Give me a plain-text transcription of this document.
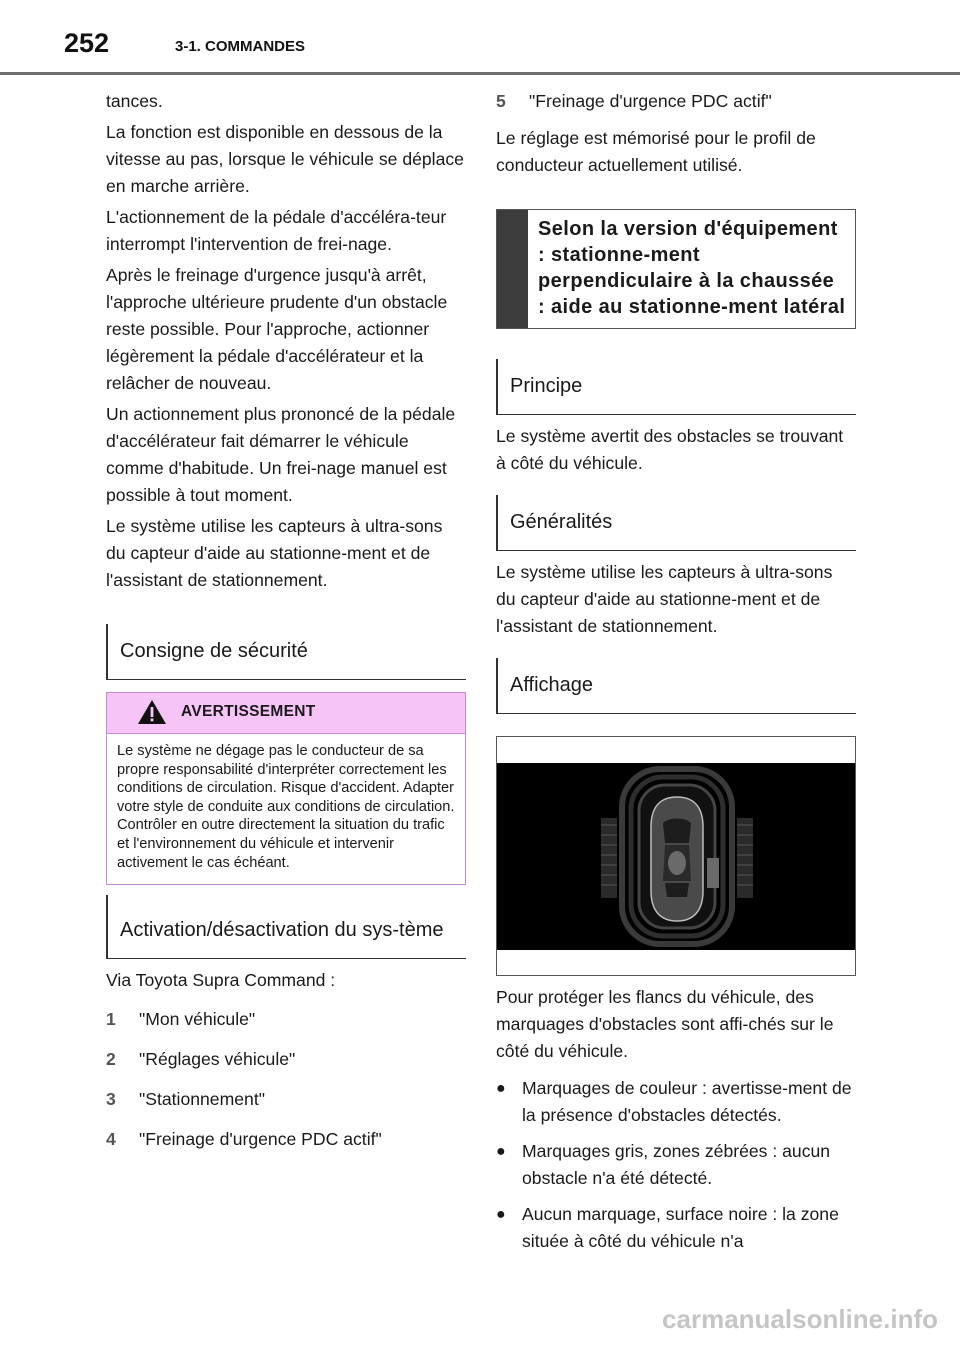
252	3-1. COMMANDES

tances.

La fonction est disponible en dessous de la vitesse au pas, lorsque le véhicule se déplace en marche arrière.

L'actionnement de la pédale d'accéléra-teur interrompt l'intervention de frei-nage.

Après le freinage d'urgence jusqu'à arrêt, l'approche ultérieure prudente d'un obstacle reste possible. Pour l'approche, actionner légèrement la pédale d'accélérateur et la relâcher de nouveau.

Un actionnement plus prononcé de la pédale d'accélérateur fait démarrer le véhicule comme d'habitude. Un frei-nage manuel est possible à tout moment.

Le système utilise les capteurs à ultra-sons du capteur d'aide au stationne-ment et de l'assistant de stationnement.

Consigne de sécurité
AVERTISSEMENT
Le système ne dégage pas le conducteur de sa propre responsabilité d'interpréter correctement les conditions de circulation. Risque d'accident. Adapter votre style de conduite aux conditions de circulation. Contrôler en outre directement la situation du trafic et l'environnement du véhicule et intervenir activement le cas échéant.
Activation/désactivation du sys-tème

Via Toyota Supra Command :

1	"Mon véhicule"
2	"Réglages véhicule"
3	"Stationnement"
4	"Freinage d'urgence PDC actif"
5	"Freinage d'urgence PDC actif"

Le réglage est mémorisé pour le profil de conducteur actuellement utilisé.

Selon la version d'équipement : stationne-ment perpendiculaire à la chaussée : aide au stationne-ment latéral
Principe

Le système avertit des obstacles se trouvant à côté du véhicule.

Généralités

Le système utilise les capteurs à ultra-sons du capteur d'aide au stationne-ment et de l'assistant de stationnement.

Affichage

Pour protéger les flancs du véhicule, des marquages d'obstacles sont affi-chés sur le côté du véhicule.

● Marquages de couleur : avertisse-ment de la présence d'obstacles détectés.
● Marquages gris, zones zébrées : aucun obstacle n'a été détecté.
● Aucun marquage, surface noire : la zone située à côté du véhicule n'a
carmanualsonline.info
